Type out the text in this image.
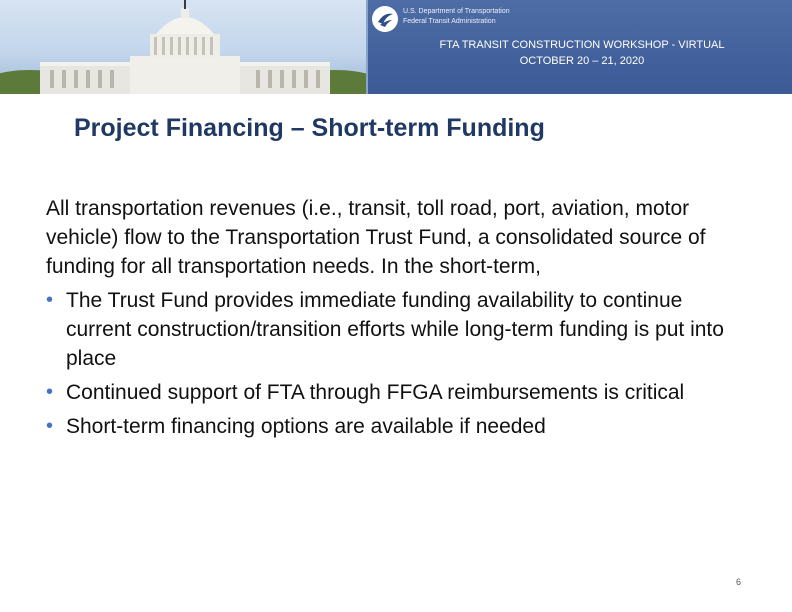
U.S. Department of Transportation
Federal Transit Administration
FTA TRANSIT CONSTRUCTION WORKSHOP - VIRTUAL
OCTOBER 20 – 21, 2020
Project Financing – Short-term Funding

All transportation revenues (i.e., transit, toll road, port, aviation, motor vehicle) flow to the Transportation Trust Fund, a consolidated source of funding for all transportation needs. In the short-term,

• The Trust Fund provides immediate funding availability to continue current construction/transition efforts while long-term funding is put into place
• Continued support of FTA through FFGA reimbursements is critical
• Short-term financing options are available if needed
6
